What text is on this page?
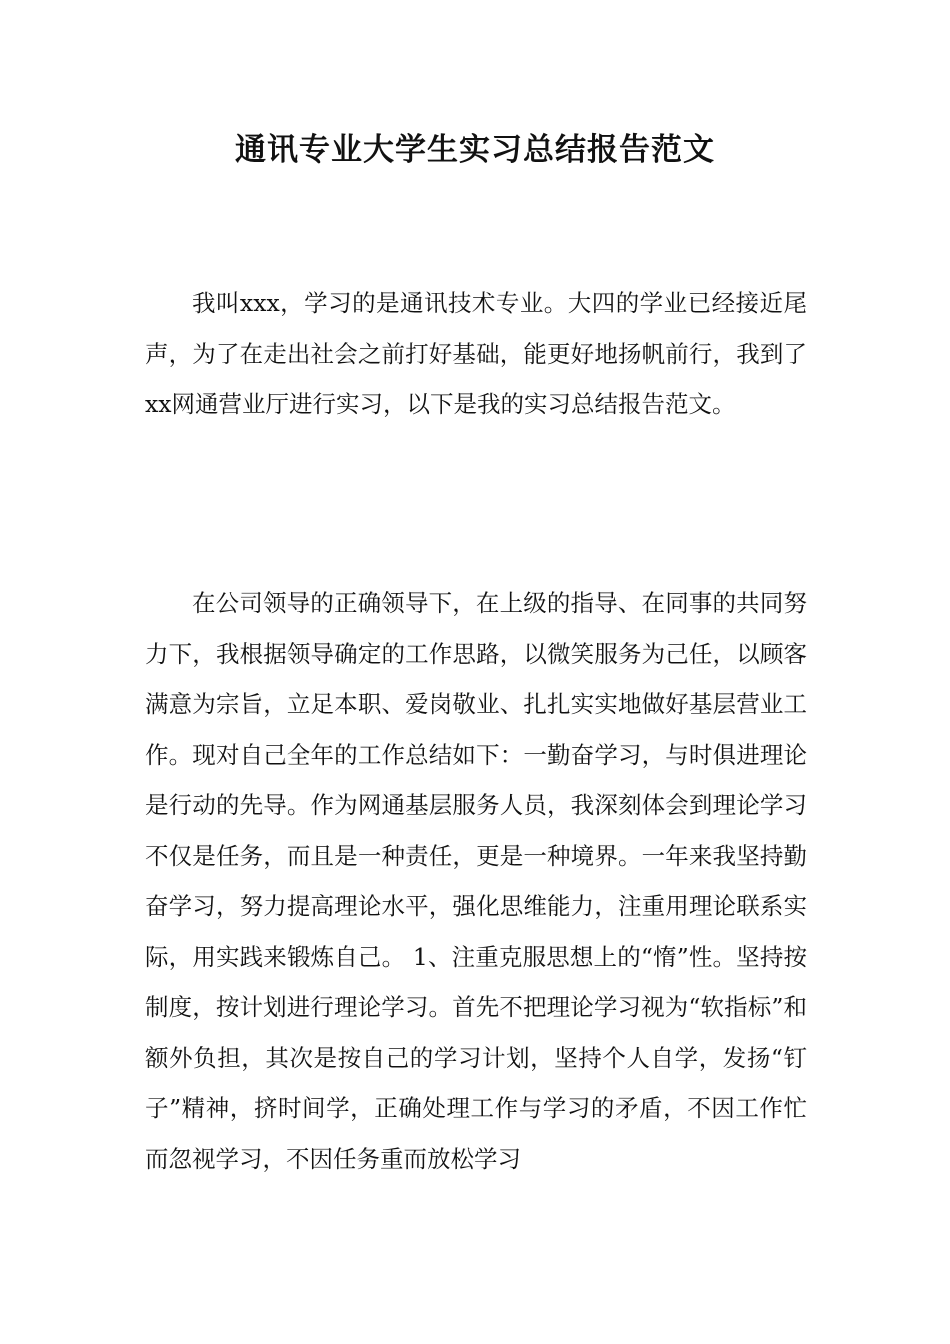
通讯专业大学生实习总结报告范文

我叫xxx，学习的是通讯技术专业。大四的学业已经接近尾声，为了在走出社会之前打好基础，能更好地扬帆前行，我到了xx网通营业厅进行实习，以下是我的实习总结报告范文。

在公司领导的正确领导下，在上级的指导、在同事的共同努力下，我根据领导确定的工作思路，以微笑服务为己任，以顾客满意为宗旨，立足本职、爱岗敬业、扎扎实实地做好基层营业工作。现对自己全年的工作总结如下：一勤奋学习，与时俱进理论是行动的先导。作为网通基层服务人员，我深刻体会到理论学习不仅是任务，而且是一种责任，更是一种境界。一年来我坚持勤奋学习，努力提高理论水平，强化思维能力，注重用理论联系实际，用实践来锻炼自己。 1、注重克服思想上的“惰”性。坚持按制度，按计划进行理论学习。首先不把理论学习视为“软指标”和额外负担，其次是按自己的学习计划，坚持个人自学，发扬“钉子”精神，挤时间学，正确处理工作与学习的矛盾，不因工作忙而忽视学习，不因任务重而放松学习
